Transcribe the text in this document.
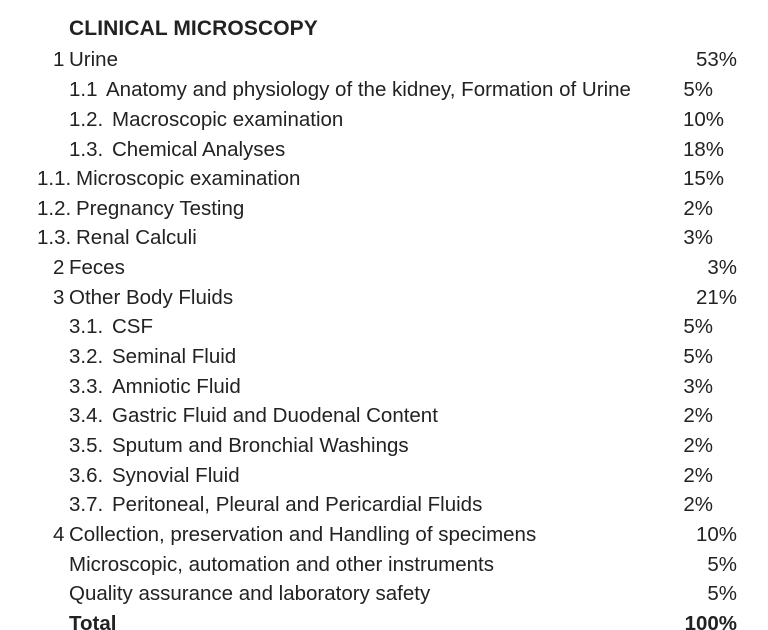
CLINICAL MICROSCOPY
1 Urine	53%
1.1 Anatomy and physiology of the kidney, Formation of Urine	5%
1.2. Macroscopic examination	10%
1.3. Chemical Analyses	18%
1.1. Microscopic examination	15%
1.2. Pregnancy Testing	2%
1.3. Renal Calculi	3%
2 Feces	3%
3 Other Body Fluids	21%
3.1. CSF	5%
3.2. Seminal Fluid	5%
3.3. Amniotic Fluid	3%
3.4. Gastric Fluid and Duodenal Content	2%
3.5. Sputum and Bronchial Washings	2%
3.6. Synovial Fluid	2%
3.7. Peritoneal, Pleural and Pericardial Fluids	2%
4 Collection, preservation and Handling of specimens	10%
Microscopic, automation and other instruments	5%
Quality assurance and laboratory safety	5%
Total	100%
